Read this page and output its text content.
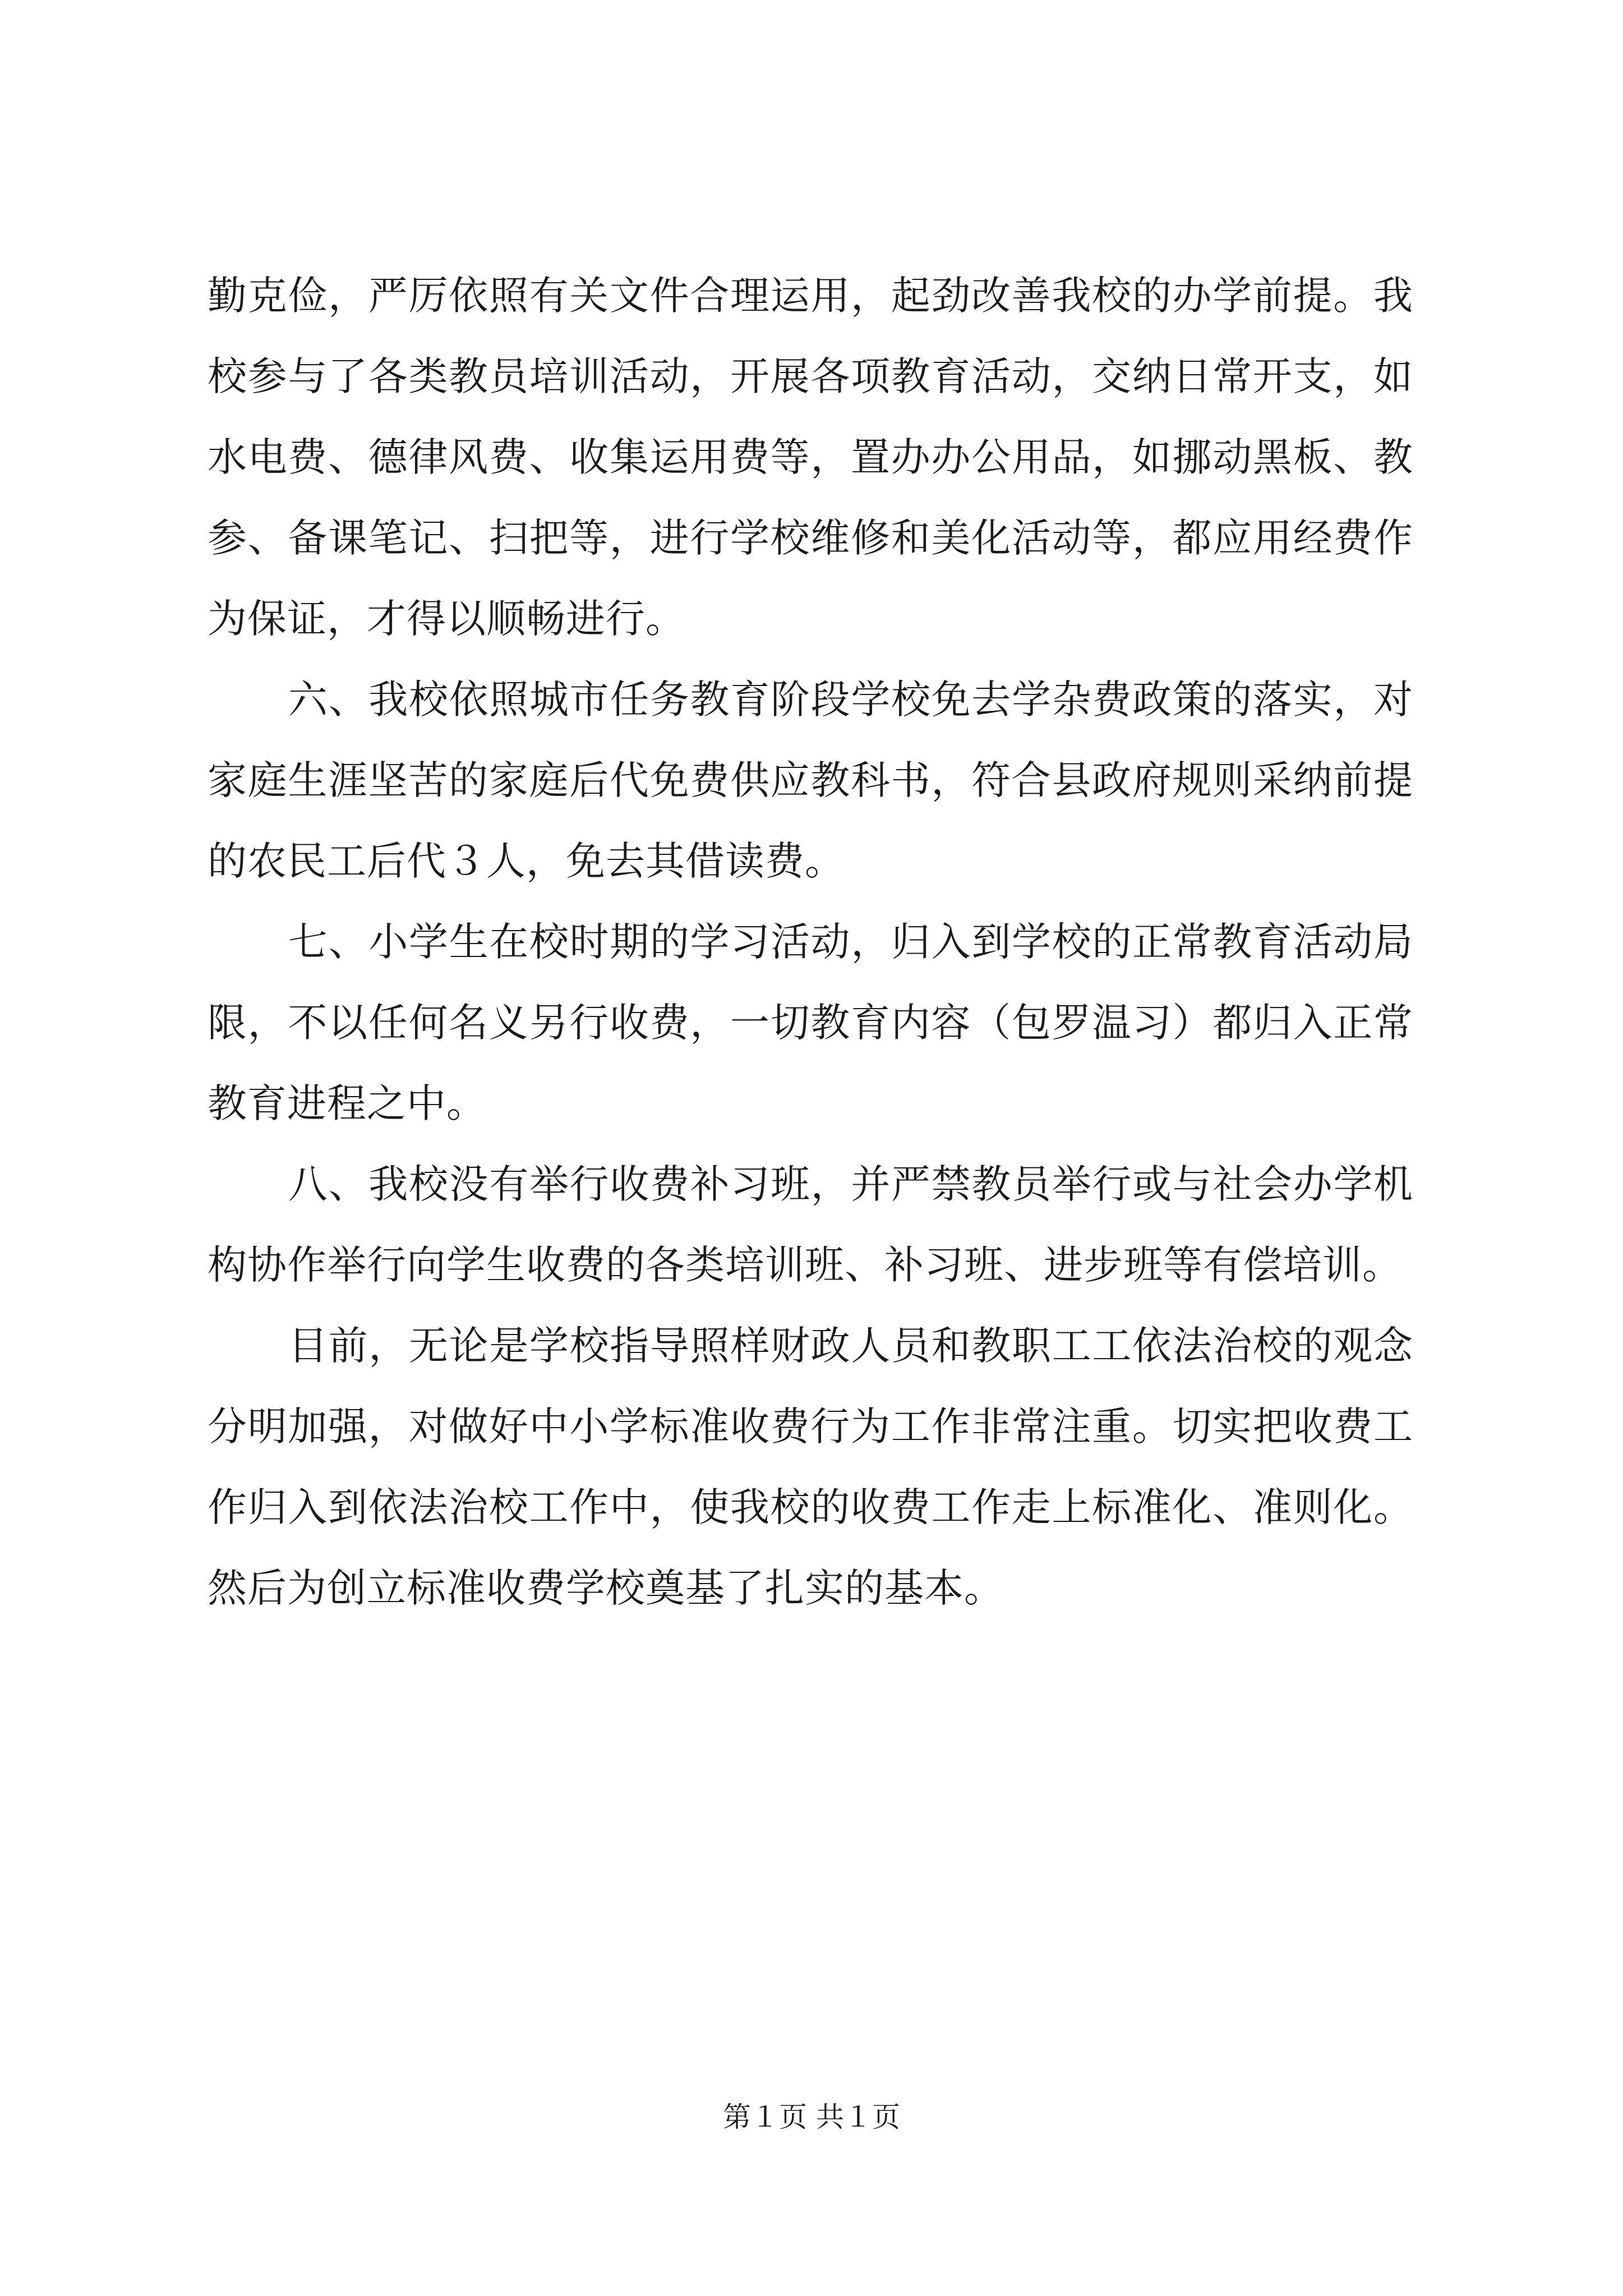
勤克俭，严厉依照有关文件合理运用，起劲改善我校的办学前提。我校参与了各类教员培训活动，开展各项教育活动，交纳日常开支，如水电费、德律风费、收集运用费等，置办办公用品，如挪动黑板、教参、备课笔记、扫把等，进行学校维修和美化活动等，都应用经费作为保证，才得以顺畅进行。

六、我校依照城市任务教育阶段学校免去学杂费政策的落实，对家庭生涯坚苦的家庭后代免费供应教科书，符合县政府规则采纳前提的农民工后代３人，免去其借读费。

七、小学生在校时期的学习活动，归入到学校的正常教育活动局限，不以任何名义另行收费，一切教育内容（包罗温习）都归入正常教育进程之中。

八、我校没有举行收费补习班，并严禁教员举行或与社会办学机构协作举行向学生收费的各类培训班、补习班、进步班等有偿培训。

目前，无论是学校指导照样财政人员和教职工工依法治校的观念分明加强，对做好中小学标准收费行为工作非常注重。切实把收费工作归入到依法治校工作中，使我校的收费工作走上标准化、准则化。然后为创立标准收费学校奠基了扎实的基本。

第１页 共１页
